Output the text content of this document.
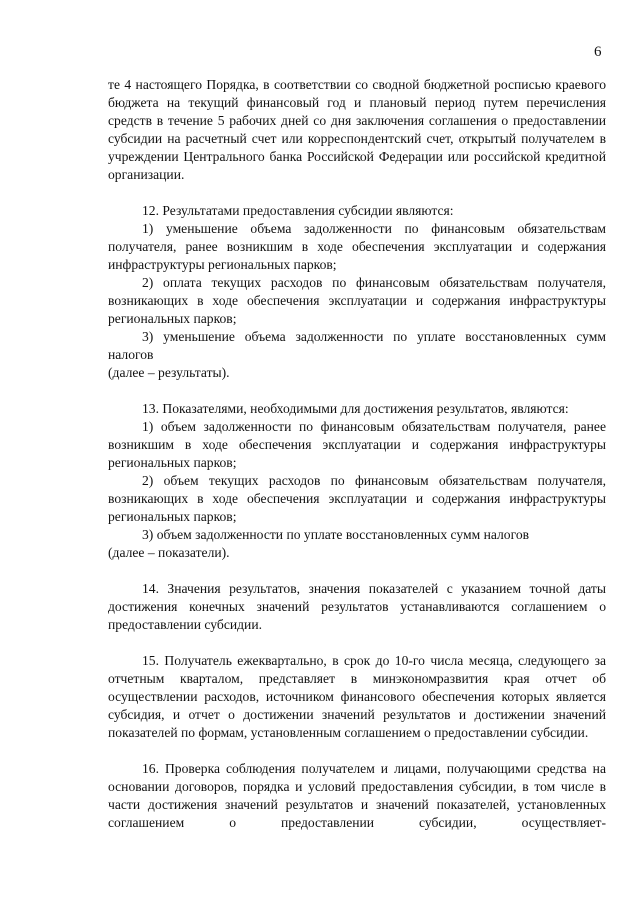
6

те 4 настоящего Порядка, в соответствии со сводной бюджетной росписью краевого бюджета на текущий финансовый год и плановый период путем перечисления средств в течение 5 рабочих дней со дня заключения соглашения о предоставлении субсидии на расчетный счет или корреспондентский счет, открытый получателем в учреждении Центрального банка Российской Федерации или российской кредитной организации.

12. Результатами предоставления субсидии являются:

1) уменьшение объема задолженности по финансовым обязательствам получателя, ранее возникшим в ходе обеспечения эксплуатации и содержания инфраструктуры региональных парков;

2) оплата текущих расходов по финансовым обязательствам получателя, возникающих в ходе обеспечения эксплуатации и содержания инфраструктуры региональных парков;

3) уменьшение объема задолженности по уплате восстановленных сумм налогов

(далее – результаты).

13. Показателями, необходимыми для достижения результатов, являются:

1) объем задолженности по финансовым обязательствам получателя, ранее возникшим в ходе обеспечения эксплуатации и содержания инфраструктуры региональных парков;

2) объем текущих расходов по финансовым обязательствам получателя, возникающих в ходе обеспечения эксплуатации и содержания инфраструктуры региональных парков;

3) объем задолженности по уплате восстановленных сумм налогов

(далее – показатели).

14. Значения результатов, значения показателей с указанием точной даты достижения конечных значений результатов устанавливаются соглашением о предоставлении субсидии.

15. Получатель ежеквартально, в срок до 10-го числа месяца, следующего за отчетным кварталом, представляет в минэкономразвития края отчет об осуществлении расходов, источником финансового обеспечения которых является субсидия, и отчет о достижении значений результатов и достижении значений показателей по формам, установленным соглашением о предоставлении субсидии.

16. Проверка соблюдения получателем и лицами, получающими средства на основании договоров, порядка и условий предоставления субсидии, в том числе в части достижения значений результатов и значений показателей, установленных соглашением о предоставлении субсидии, осуществляет-
